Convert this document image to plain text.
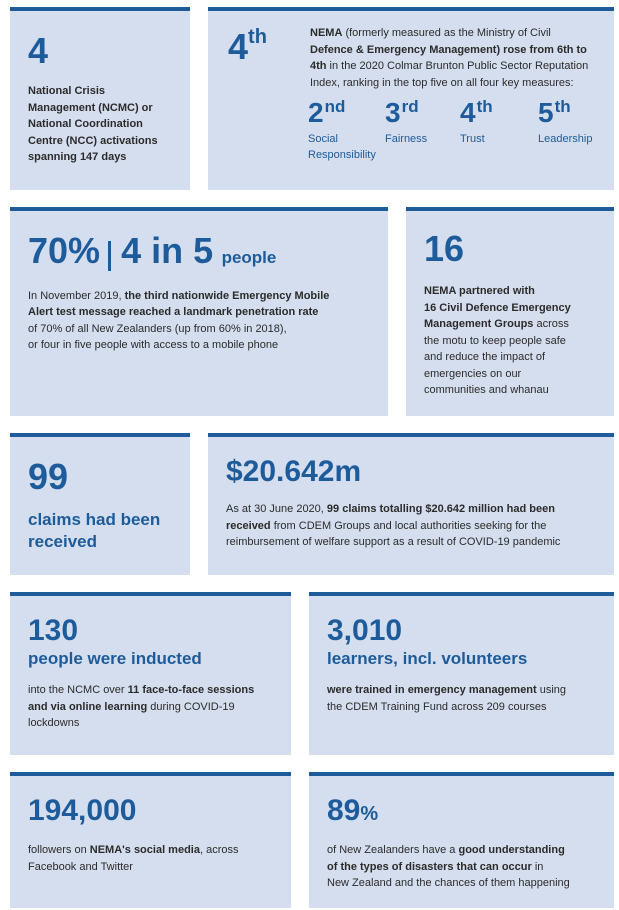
4
National Crisis
Management (NCMC) or
National Coordination
Centre (NCC) activations
spanning 147 days
4th	NEMA (formerly measured as the Ministry of Civil
Defence & Emergency Management) rose from 6th to
4th in the 2020 Colmar Brunton Public Sector Reputation
Index, ranking in the top five on all four key measures:
2nd
Social Responsibility
3rd
Fairness
4th
Trust
5th
Leadership
70% 4 in 5 people
In November 2019, the third nationwide Emergency Mobile
Alert test message reached a landmark penetration rate
of 70% of all New Zealanders (up from 60% in 2018),
or four in five people with access to a mobile phone
16
NEMA partnered with
16 Civil Defence Emergency
Management Groups across
the motu to keep people safe
and reduce the impact of
emergencies on our
communities and whanau
99
claims had been
received
$20.642m
As at 30 June 2020, 99 claims totalling $20.642 million had been
received from CDEM Groups and local authorities seeking for the
reimbursement of welfare support as a result of COVID-19 pandemic
130
people were inducted
into the NCMC over 11 face-to-face sessions
and via online learning during COVID-19
lockdowns
3,010
learners, incl. volunteers
were trained in emergency management using
the CDEM Training Fund across 209 courses
194,000
followers on NEMA's social media, across
Facebook and Twitter
89%
of New Zealanders have a good understanding
of the types of disasters that can occur in
New Zealand and the chances of them happening
